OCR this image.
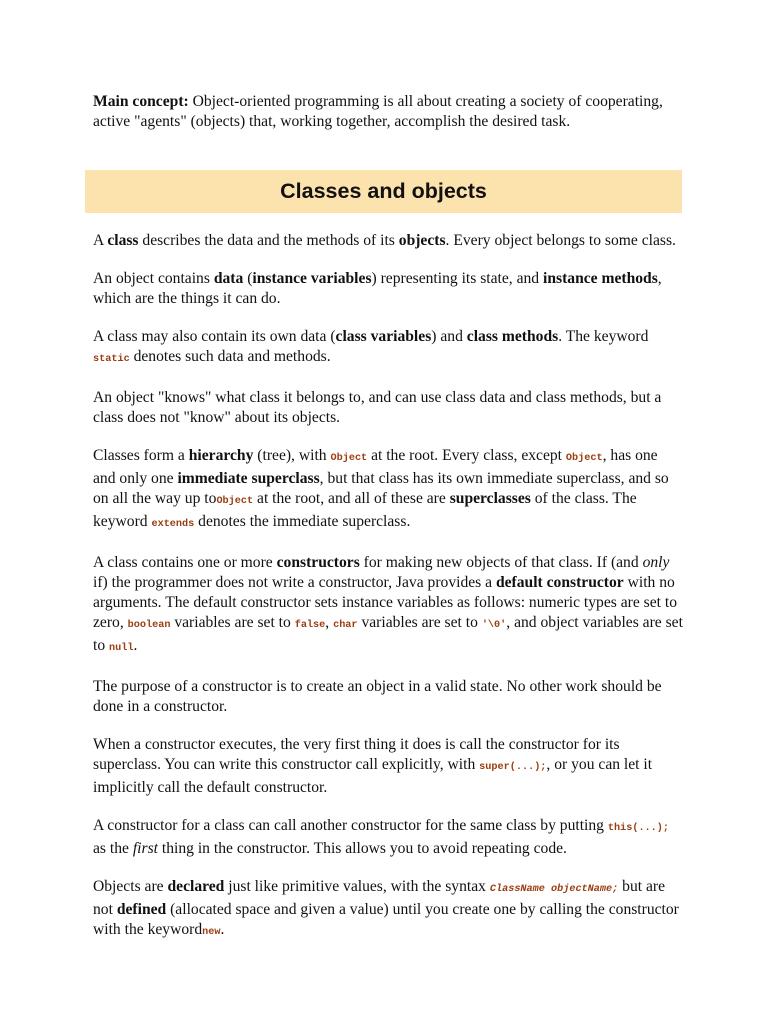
Main concept: Object-oriented programming is all about creating a society of cooperating, active "agents" (objects) that, working together, accomplish the desired task.

Classes and objects

A class describes the data and the methods of its objects. Every object belongs to some class.

An object contains data (instance variables) representing its state, and instance methods, which are the things it can do.

A class may also contain its own data (class variables) and class methods. The keyword static denotes such data and methods.

An object "knows" what class it belongs to, and can use class data and class methods, but a class does not "know" about its objects.

Classes form a hierarchy (tree), with Object at the root. Every class, except Object, has one and only one immediate superclass, but that class has its own immediate superclass, and so on all the way up toObject at the root, and all of these are superclasses of the class. The keyword extends denotes the immediate superclass.

A class contains one or more constructors for making new objects of that class. If (and only if) the programmer does not write a constructor, Java provides a default constructor with no arguments. The default constructor sets instance variables as follows: numeric types are set to zero, boolean variables are set to false, char variables are set to '\0', and object variables are set to null.

The purpose of a constructor is to create an object in a valid state. No other work should be done in a constructor.

When a constructor executes, the very first thing it does is call the constructor for its superclass. You can write this constructor call explicitly, with super(...);, or you can let it implicitly call the default constructor.

A constructor for a class can call another constructor for the same class by putting this(...); as the first thing in the constructor. This allows you to avoid repeating code.

Objects are declared just like primitive values, with the syntax ClassName objectName; but are not defined (allocated space and given a value) until you create one by calling the constructor with the keywordnew.
